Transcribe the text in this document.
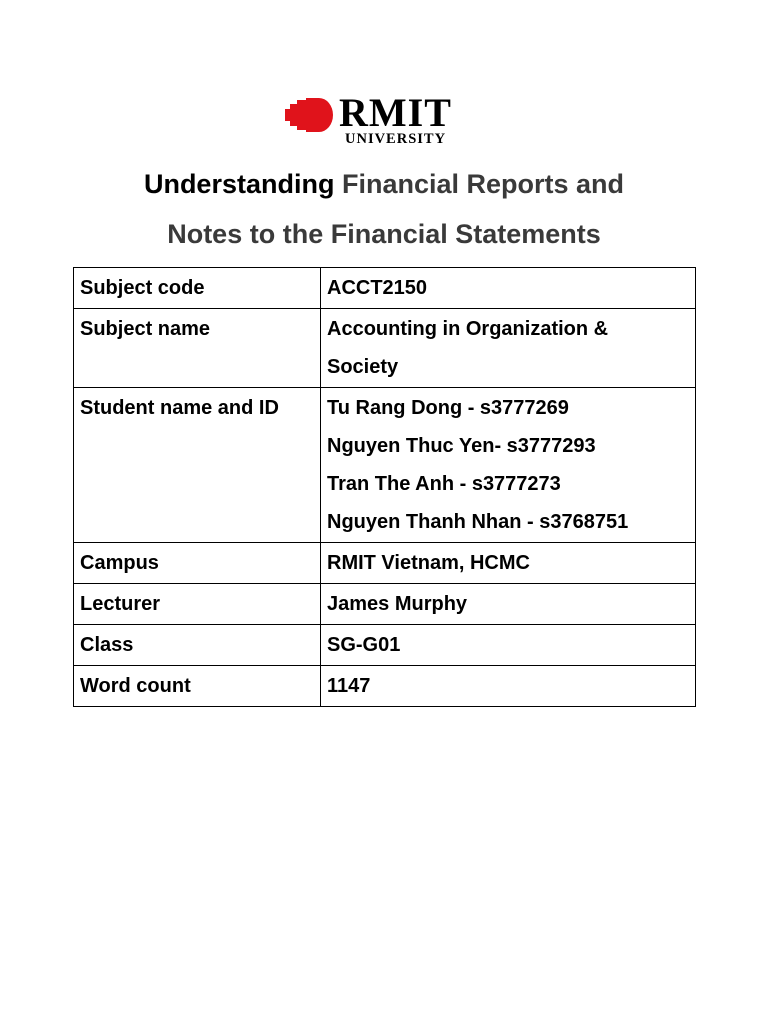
RMIT
UNIVERSITY
Understanding Financial Reports and
Notes to the Financial Statements
Subject code	ACCT2150

Subject name	Accounting in Organization &
Society

Student name and ID	Tu Rang Dong - s3777269
Nguyen Thuc Yen- s3777293
Tran The Anh - s3777273
Nguyen Thanh Nhan - s3768751

Campus	RMIT Vietnam, HCMC

Lecturer	James Murphy

Class	SG-G01

Word count	1147
